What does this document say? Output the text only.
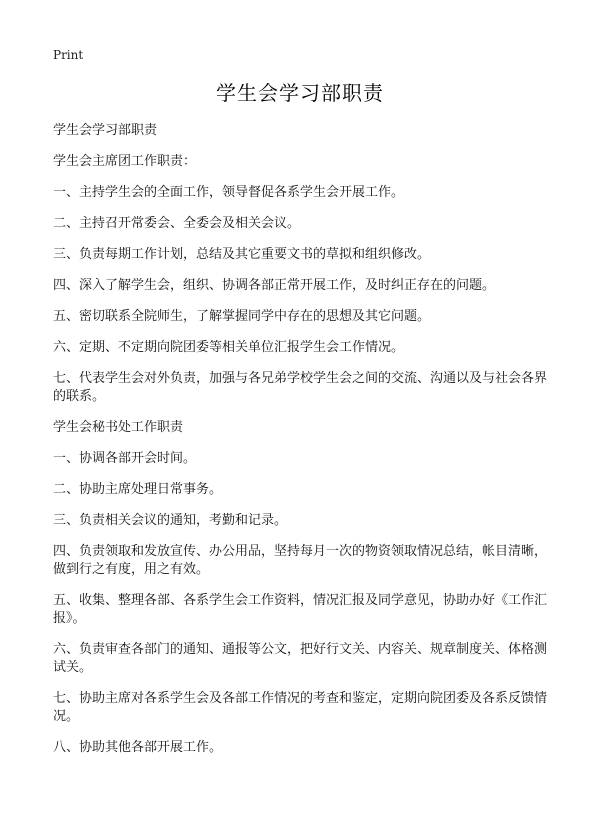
Print
学生会学习部职责

学生会学习部职责

学生会主席团工作职责：

一、主持学生会的全面工作，领导督促各系学生会开展工作。

二、主持召开常委会、全委会及相关会议。

三、负责每期工作计划，总结及其它重要文书的草拟和组织修改。

四、深入了解学生会，组织、协调各部正常开展工作，及时纠正存在的问题。

五、密切联系全院师生，了解掌握同学中存在的思想及其它问题。

六、定期、不定期向院团委等相关单位汇报学生会工作情况。

七、代表学生会对外负责，加强与各兄弟学校学生会之间的交流、沟通以及与社会各界的联系。

学生会秘书处工作职责

一、协调各部开会时间。

二、协助主席处理日常事务。

三、负责相关会议的通知，考勤和记录。

四、负责领取和发放宣传、办公用品，坚持每月一次的物资领取情况总结，帐目清晰，做到行之有度，用之有效。

五、收集、整理各部、各系学生会工作资料，情况汇报及同学意见，协助办好《工作汇报》。

六、负责审查各部门的通知、通报等公文，把好行文关、内容关、规章制度关、体格测试关。

七、协助主席对各系学生会及各部工作情况的考查和鉴定，定期向院团委及各系反馈情况。

八、协助其他各部开展工作。
